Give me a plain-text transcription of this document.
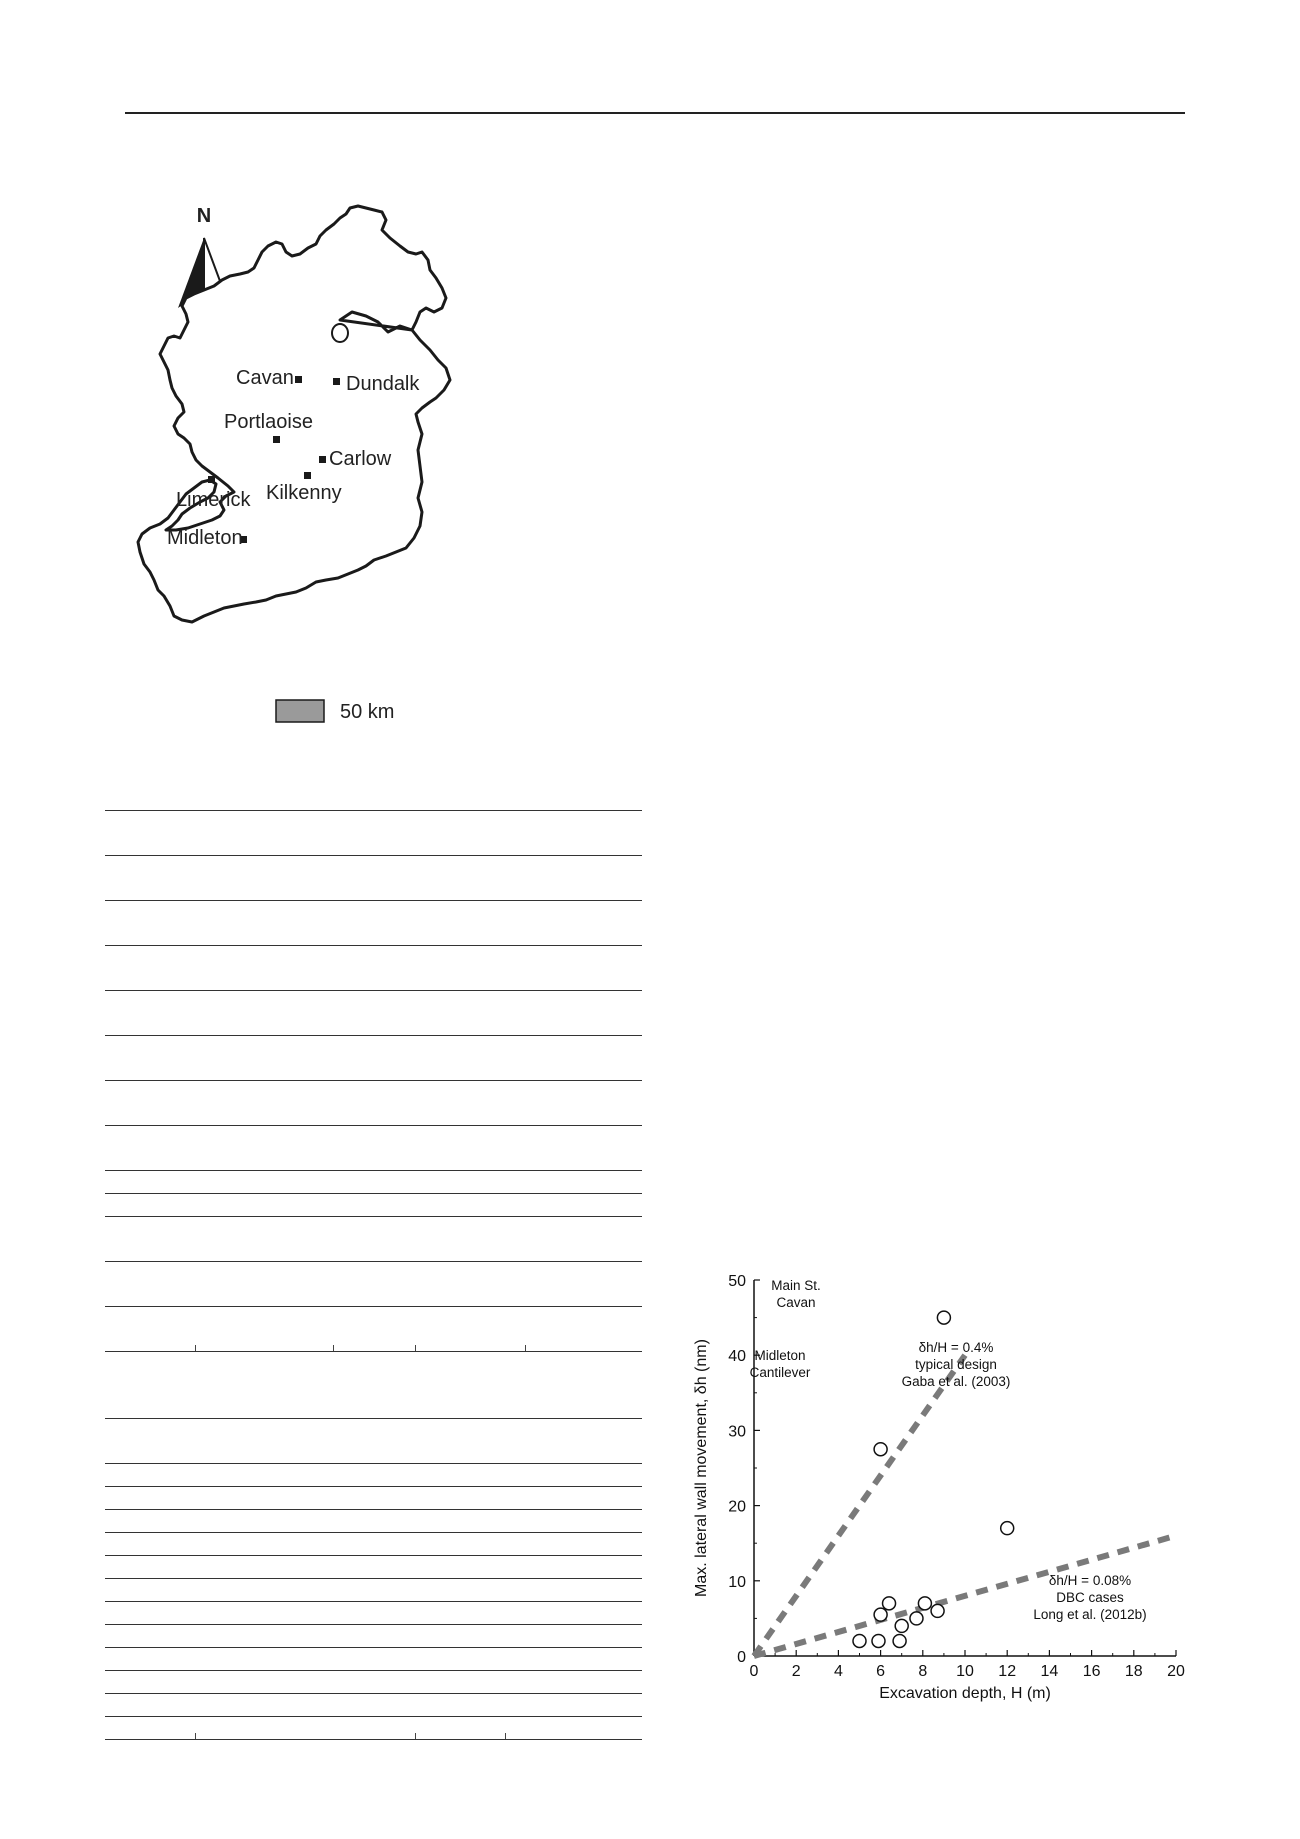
N
Cavan	Dundalk
Portlaoise
Carlow
Kilkenny
Limerick
Midleton
50 km
0 2 4 6 8 10 12 14 16 18 20
0
10
20
30
40
50 Main St.
Cavan
Midleton
Cantilever
δh/H = 0.4%
typical design
Gaba et al. (2003)
δh/H = 0.08%
DBC cases
Long et al. (2012b)
Excavation depth, H (m)
Max. lateral wall movement, δh (nm)
